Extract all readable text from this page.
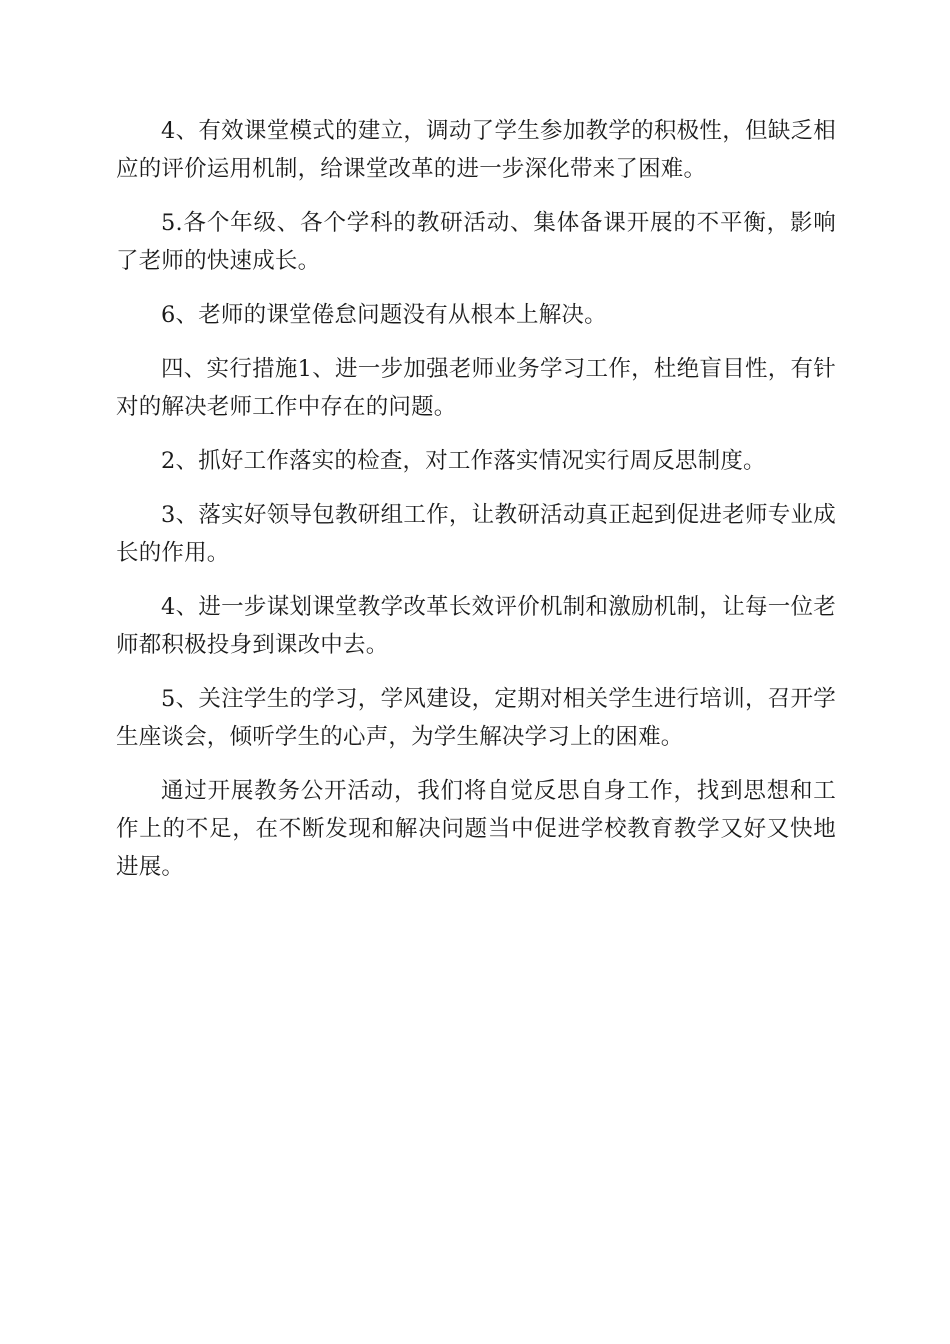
4、有效课堂模式的建立，调动了学生参加教学的积极性，但缺乏相应的评价运用机制，给课堂改革的进一步深化带来了困难。

5.各个年级、各个学科的教研活动、集体备课开展的不平衡，影响了老师的快速成长。

6、老师的课堂倦怠问题没有从根本上解决。

四、实行措施1、进一步加强老师业务学习工作，杜绝盲目性，有针对的解决老师工作中存在的问题。

2、抓好工作落实的检查，对工作落实情况实行周反思制度。

3、落实好领导包教研组工作，让教研活动真正起到促进老师专业成长的作用。

4、进一步谋划课堂教学改革长效评价机制和激励机制，让每一位老师都积极投身到课改中去。

5、关注学生的学习，学风建设，定期对相关学生进行培训，召开学生座谈会，倾听学生的心声，为学生解决学习上的困难。

通过开展教务公开活动，我们将自觉反思自身工作，找到思想和工作上的不足，在不断发现和解决问题当中促进学校教育教学又好又快地进展。
